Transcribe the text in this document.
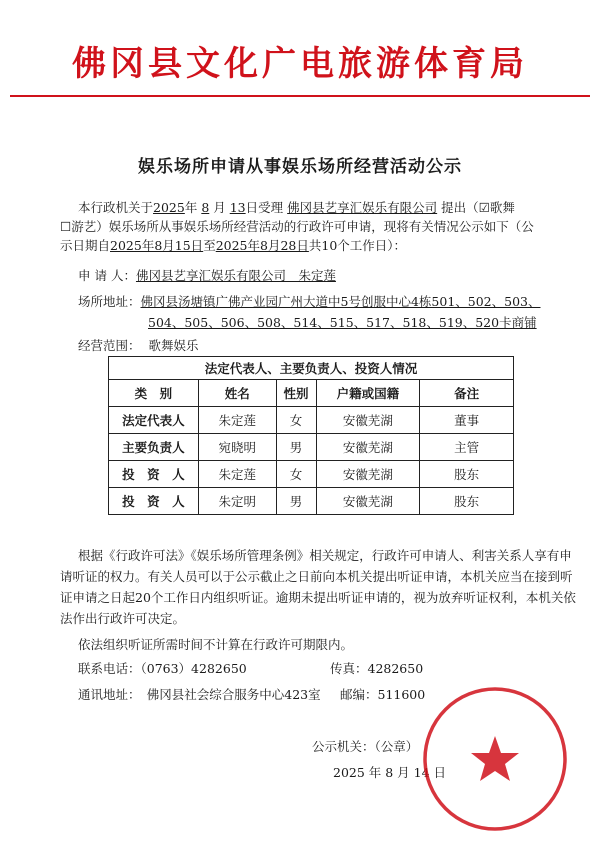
佛冈县文化广电旅游体育局
娱乐场所申请从事娱乐场所经营活动公示
本行政机关于2025年 8 月 13日受理 佛冈县艺享汇娱乐有限公司 提出（☑歌舞
☐游艺）娱乐场所从事娱乐场所经营活动的行政许可申请，现将有关情况公示如下（公
示日期自2025年8月15日至2025年8月28日共10个工作日）：
申 请 人：佛冈县艺享汇娱乐有限公司　朱定莲
场所地址：佛冈县汤塘镇广佛产业园广州大道中5号创服中心4栋501、502、503、
504、505、506、508、514、515、517、518、519、520卡商铺
经营范围： 歌舞娱乐
法定代表人、主要负责人、投资人情况				
类　别	姓名	性别	户籍或国籍	备注
法定代表人	朱定莲	女	安徽芜湖	董事
主要负责人	宛晓明	男	安徽芜湖	主管
投　资　人	朱定莲	女	安徽芜湖	股东
投　资　人	朱定明	男	安徽芜湖	股东
根据《行政许可法》《娱乐场所管理条例》相关规定，行政许可申请人、利害关系人享有申请听证的权力。有关人员可以于公示截止之日前向本机关提出听证申请，本机关应当在接到听证申请之日起20个工作日内组织听证。逾期未提出听证申请的，视为放弃听证权利，本机关依法作出行政许可决定。
依法组织听证所需时间不计算在行政许可期限内。
联系电话：（0763）4282650	传真：4282650
通讯地址：　佛冈县社会综合服务中心423室 邮编：511600
公示机关：（公章）
2025 年 8 月 14 日
